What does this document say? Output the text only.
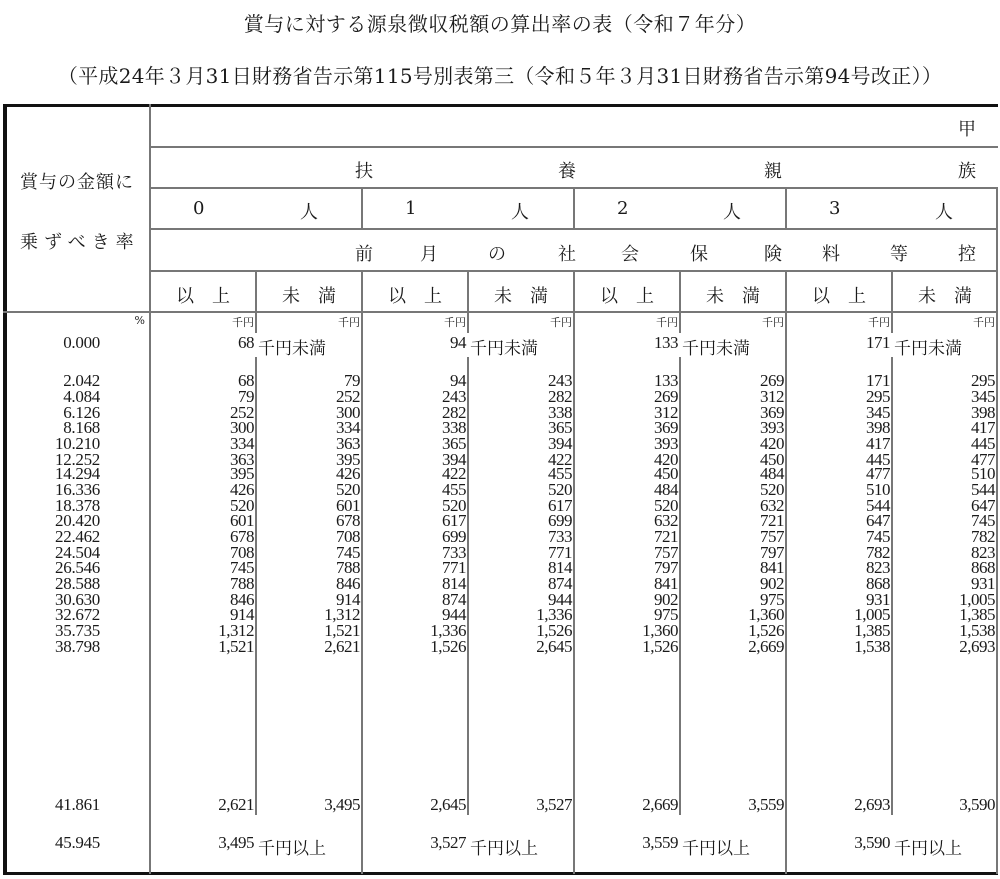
賞与に対する源泉徴収税額の算出率の表（令和７年分）
（平成24年３月31日財務省告示第115号別表第三（令和５年３月31日財務省告示第94号改正））
賞与の金額に
乗ずべき率
甲
扶	養	親	族
0	人	1	人	2	人	3	人
前	月	の	社	会	保	険 料	等	控
以　上	未　満	以　上	未　満	以　上	未　満	以　上	未　満
%	千円	千円	千円	千円	千円	千円	千円	千円
0.000	68 千円未満	94 千円未満	133 千円未満	171 千円未満
2.042	68	79	94	243	133	269	171	295
4.084	79	252	243	282	269	312	295	345
6.126	252	300	282	338	312	369	345	398
8.168	300	334	338	365	369	393	398	417
10.210	334	363	365	394	393	420	417	445
12.252	363	395	394	422	420	450	445	477
14.294	395	426	422	455	450	484	477	510
16.336	426	520	455	520	484	520	510	544
18.378	520	601	520	617	520	632	544	647
20.420	601	678	617	699	632	721	647	745
22.462	678	708	699	733	721	757	745	782
24.504	708	745	733	771	757	797	782	823
26.546	745	788	771	814	797	841	823	868
28.588	788	846	814	874	841	902	868	931
30.630	846	914	874	944	902	975	931	1,005
32.672	914	1,312	944	1,336	975	1,360	1,005	1,385
35.735	1,312	1,521	1,336	1,526	1,360	1,526	1,385	1,538
38.798	1,521	2,621	1,526	2,645	1,526	2,669	1,538	2,693
41.861	2,621	3,495	2,645	3,527	2,669	3,559	2,693	3,590
45.945	3,495 千円以上	3,527 千円以上	3,559 千円以上	3,590 千円以上
